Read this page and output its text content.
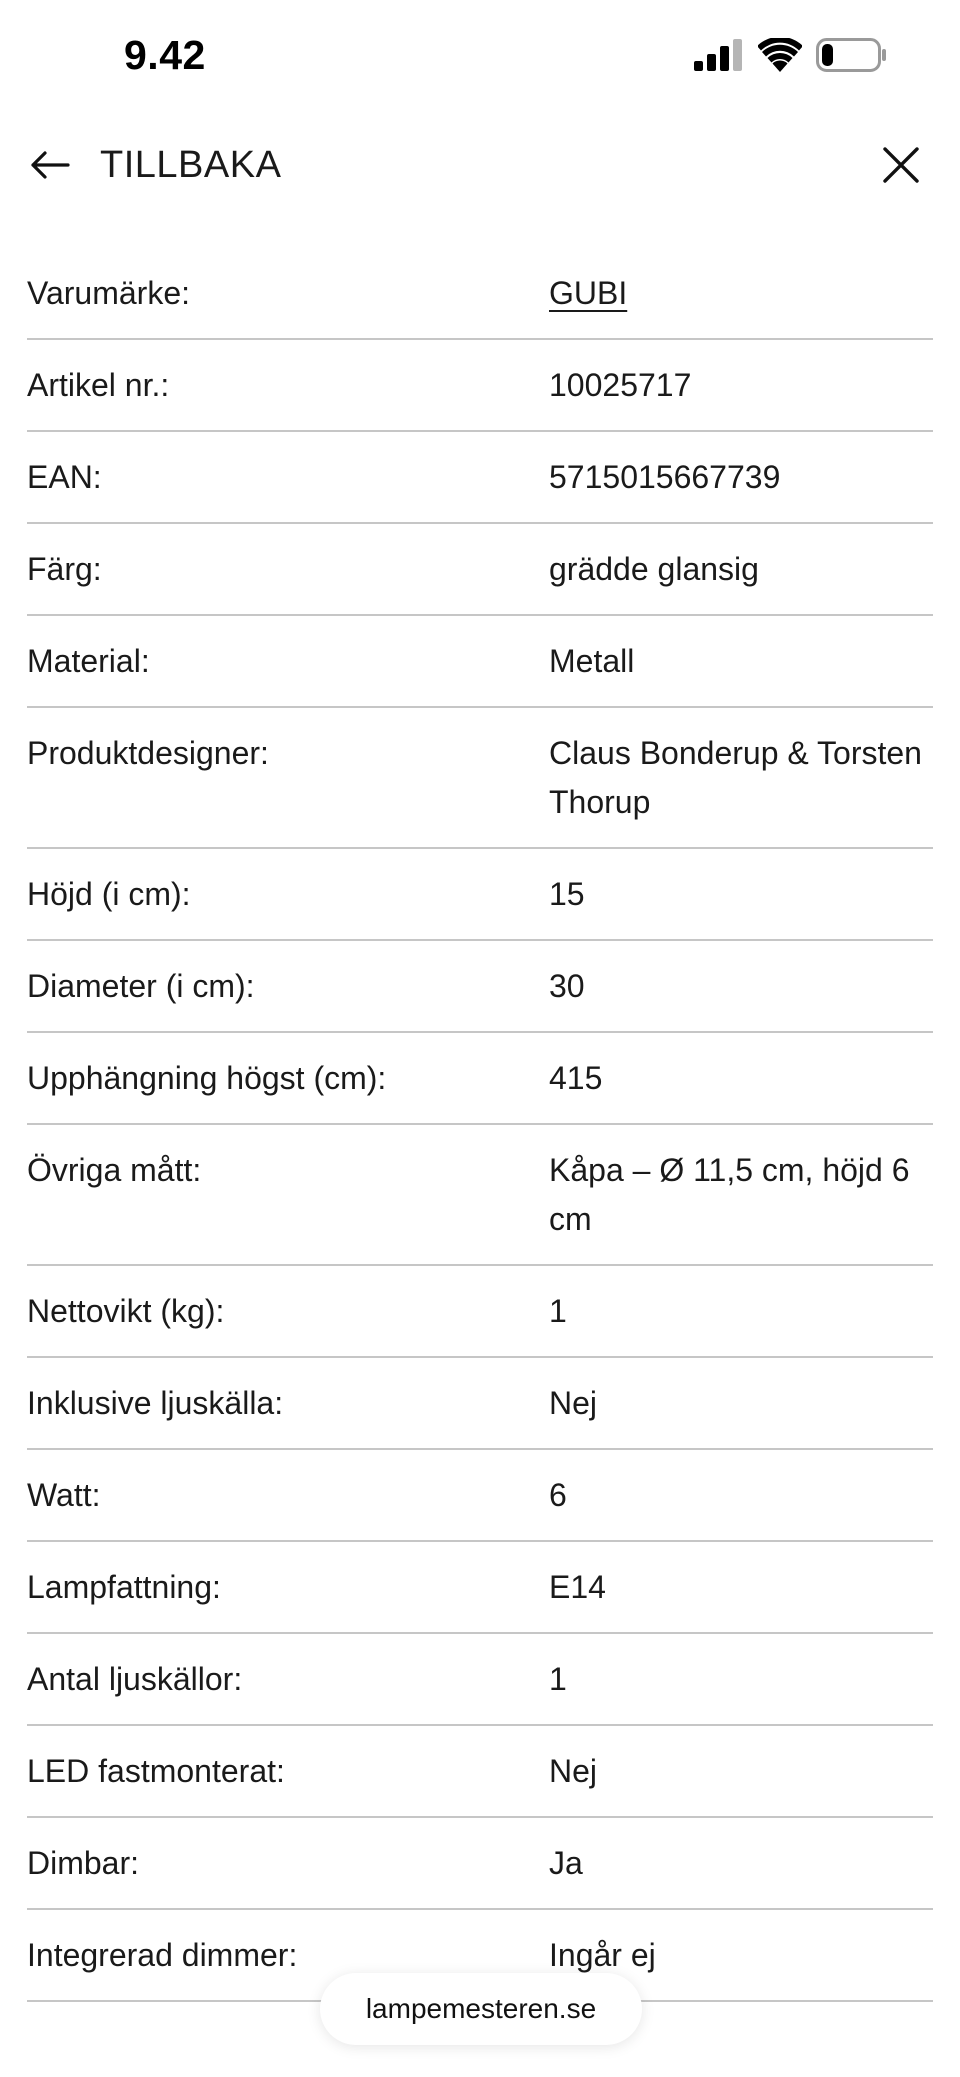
9.42
TILLBAKA
Varumärke:	GUBI
Artikel nr.:	10025717
EAN:	5715015667739
Färg:	grädde glansig
Material:	Metall
Produktdesigner:	Claus Bonderup & Torsten Thorup
Höjd (i cm):	15
Diameter (i cm):	30
Upphängning högst (cm):	415
Övriga mått:	Kåpa – Ø 11,5 cm, höjd 6 cm
Nettovikt (kg):	1
Inklusive ljuskälla:	Nej
Watt:	6
Lampfattning:	E14
Antal ljuskällor:	1
LED fastmonterat:	Nej
Dimbar:	Ja
Integrerad dimmer:	Ingår ej
lampemesteren.se
